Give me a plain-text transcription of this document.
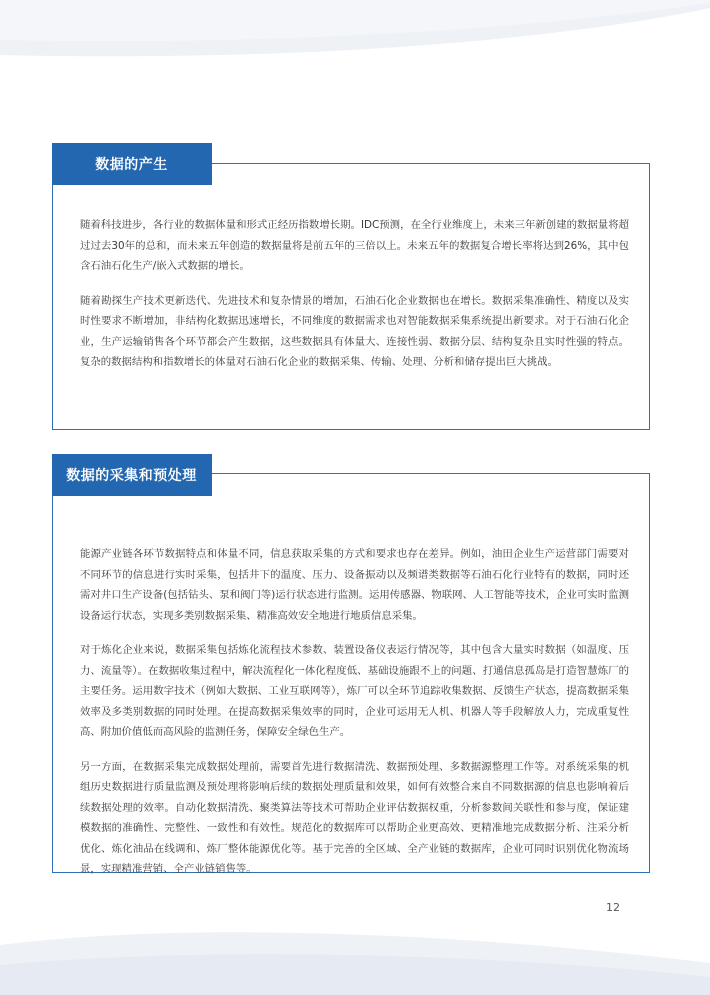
数据的产生

随着科技进步，各行业的数据体量和形式正经历指数增长期。IDC预测，在全行业维度上，未来三年新创建的数据量将超过过去30年的总和，而未来五年创造的数据量将是前五年的三倍以上。未来五年的数据复合增长率将达到26%，其中包含石油石化生产/嵌入式数据的增长。

随着勘探生产技术更新迭代、先进技术和复杂情景的增加，石油石化企业数据也在增长。数据采集准确性、精度以及实时性要求不断增加，非结构化数据迅速增长，不同维度的数据需求也对智能数据采集系统提出新要求。对于石油石化企业，生产运输销售各个环节都会产生数据，这些数据具有体量大、连接性弱、数据分层、结构复杂且实时性强的特点。复杂的数据结构和指数增长的体量对石油石化企业的数据采集、传输、处理、分析和储存提出巨大挑战。

数据的采集和预处理

能源产业链各环节数据特点和体量不同，信息获取采集的方式和要求也存在差异。例如，油田企业生产运营部门需要对不同环节的信息进行实时采集，包括井下的温度、压力、设备振动以及频谱类数据等石油石化行业特有的数据，同时还需对井口生产设备(包括钻头、泵和阀门等)运行状态进行监测。运用传感器、物联网、人工智能等技术，企业可实时监测设备运行状态，实现多类别数据采集、精准高效安全地进行地质信息采集。

对于炼化企业来说，数据采集包括炼化流程技术参数、装置设备仪表运行情况等，其中包含大量实时数据（如温度、压力、流量等）。在数据收集过程中，解决流程化一体化程度低、基础设施跟不上的问题、打通信息孤岛是打造智慧炼厂的主要任务。运用数字技术（例如大数据、工业互联网等），炼厂可以全环节追踪收集数据、反馈生产状态，提高数据采集效率及多类别数据的同时处理。在提高数据采集效率的同时，企业可运用无人机、机器人等手段解放人力，完成重复性高、附加价值低而高风险的监测任务，保障安全绿色生产。

另一方面，在数据采集完成数据处理前，需要首先进行数据清洗、数据预处理、多数据源整理工作等。对系统采集的机组历史数据进行质量监测及预处理将影响后续的数据处理质量和效果，如何有效整合来自不同数据源的信息也影响着后续数据处理的效率。自动化数据清洗、聚类算法等技术可帮助企业评估数据权重，分析参数间关联性和参与度，保证建模数据的准确性、完整性、一致性和有效性。规范化的数据库可以帮助企业更高效、更精准地完成数据分析、注采分析优化、炼化油品在线调和、炼厂整体能源优化等。基于完善的全区域、全产业链的数据库，企业可同时识别优化物流场景，实现精准营销、全产业链销售等。

12
